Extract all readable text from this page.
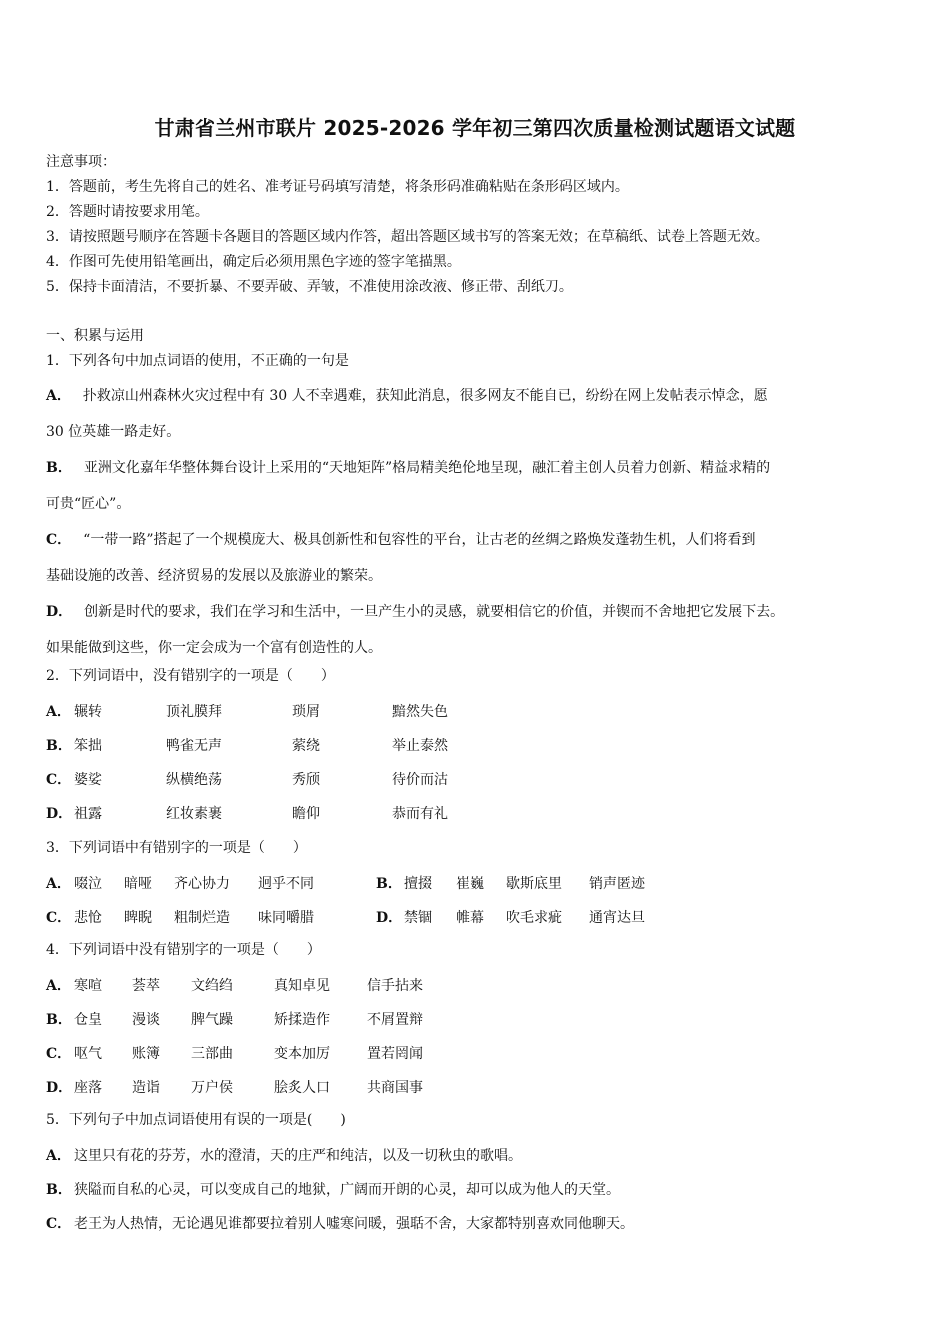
甘肃省兰州市联片 2025-2026 学年初三第四次质量检测试题语文试题
注意事项：
1．答题前，考生先将自己的姓名、准考证号码填写清楚，将条形码准确粘贴在条形码区域内。
2．答题时请按要求用笔。
3．请按照题号顺序在答题卡各题目的答题区域内作答，超出答题区域书写的答案无效；在草稿纸、试卷上答题无效。
4．作图可先使用铅笔画出，确定后必须用黑色字迹的签字笔描黑。
5．保持卡面清洁，不要折暴、不要弄破、弄皱，不准使用涂改液、修正带、刮纸刀。
一、积累与运用
1．下列各句中加点词语的使用，不正确的一句是
A． 扑救凉山州森林火灾过程中有 30 人不幸遇难，获知此消息，很多网友不能自已，纷纷在网上发帖表示悼念，愿
30 位英雄一路走好。
B． 亚洲文化嘉年华整体舞台设计上采用的“天地矩阵”格局精美绝伦地呈现，融汇着主创人员着力创新、精益求精的
可贵“匠心”。
C． “一带一路”搭起了一个规模庞大、极具创新性和包容性的平台，让古老的丝绸之路焕发蓬勃生机，人们将看到
基础设施的改善、经济贸易的发展以及旅游业的繁荣。
D． 创新是时代的要求，我们在学习和生活中，一旦产生小的灵感，就要相信它的价值，并锲而不舍地把它发展下去。
如果能做到这些，你一定会成为一个富有创造性的人。
2．下列词语中，没有错别字的一项是（　　）
A． 辗转	顶礼膜拜	琐屑	黯然失色
B． 笨拙	鸭雀无声	萦绕	举止泰然
C． 婆娑	纵横绝荡	秀颀	待价而沽
D． 祖露	红妆素裹	瞻仰	恭而有礼
3．下列词语中有错别字的一项是（　　）
A． 啜泣 暗哑 齐心协力 迥乎不同	B． 擅掇 崔巍 歇斯底里 销声匿迹
C． 悲怆 睥睨 粗制烂造 味同嚼腊	D． 禁锢 帷幕 吹毛求疵 通宵达旦
4．下列词语中没有错别字的一项是（　　）
A． 寒喧 荟萃 文绉绉	真知卓见	信手拈来
B． 仓皇 漫谈 脾气躁	矫揉造作	不屑置辩
C． 呕气 账簿 三部曲	变本加厉	置若罔闻
D． 座落 造诣 万户侯	脍炙人口	共商国事
5．下列句子中加点词语使用有误的一项是(　　)
A． 这里只有花的芬芳，水的澄清，天的庄严和纯洁，以及一切秋虫的歌唱。
B． 狭隘而自私的心灵，可以变成自己的地狱，广阔而开朗的心灵，却可以成为他人的天堂。
C． 老王为人热情，无论遇见谁都要拉着别人嘘寒问暖，强聒不舍，大家都特别喜欢同他聊天。
